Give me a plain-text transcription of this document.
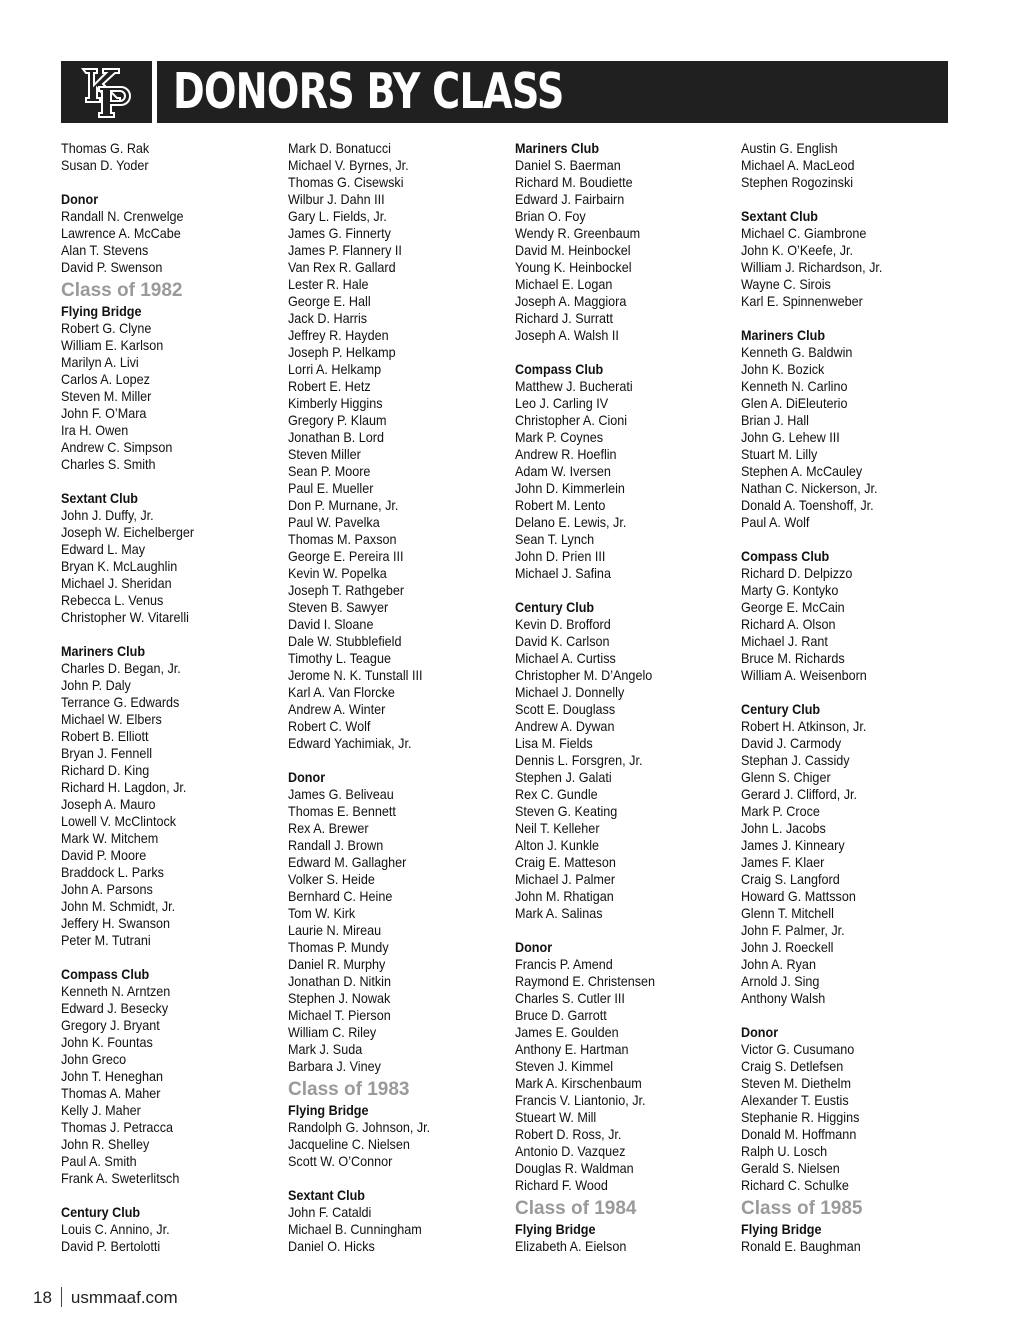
DONORS BY CLASS
Thomas G. Rak
Susan D. Yoder
Donor
Randall N. Crenwelge
Lawrence A. McCabe
Alan T. Stevens
David P. Swenson
Class of 1982
Flying Bridge
Robert G. Clyne
William E. Karlson
Marilyn A. Livi
Carlos A. Lopez
Steven M. Miller
John F. O’Mara
Ira H. Owen
Andrew C. Simpson
Charles S. Smith
Sextant Club
John J. Duffy, Jr.
Joseph W. Eichelberger
Edward L. May
Bryan K. McLaughlin
Michael J. Sheridan
Rebecca L. Venus
Christopher W. Vitarelli
Mariners Club
Charles D. Began, Jr.
John P. Daly
Terrance G. Edwards
Michael W. Elbers
Robert B. Elliott
Bryan J. Fennell
Richard D. King
Richard H. Lagdon, Jr.
Joseph A. Mauro
Lowell V. McClintock
Mark W. Mitchem
David P. Moore
Braddock L. Parks
John A. Parsons
John M. Schmidt, Jr.
Jeffery H. Swanson
Peter M. Tutrani
Compass Club
Kenneth N. Arntzen
Edward J. Besecky
Gregory J. Bryant
John K. Fountas
John Greco
John T. Heneghan
Thomas A. Maher
Kelly J. Maher
Thomas J. Petracca
John R. Shelley
Paul A. Smith
Frank A. Sweterlitsch
Century Club
Louis C. Annino, Jr.
David P. Bertolotti
Mark D. Bonatucci
Michael V. Byrnes, Jr.
Thomas G. Cisewski
Wilbur J. Dahn III
Gary L. Fields, Jr.
James G. Finnerty
James P. Flannery II
Van Rex R. Gallard
Lester R. Hale
George E. Hall
Jack D. Harris
Jeffrey R. Hayden
Joseph P. Helkamp
Lorri A. Helkamp
Robert E. Hetz
Kimberly Higgins
Gregory P. Klaum
Jonathan B. Lord
Steven Miller
Sean P. Moore
Paul E. Mueller
Don P. Murnane, Jr.
Paul W. Pavelka
Thomas M. Paxson
George E. Pereira III
Kevin W. Popelka
Joseph T. Rathgeber
Steven B. Sawyer
David I. Sloane
Dale W. Stubblefield
Timothy L. Teague
Jerome N. K. Tunstall III
Karl A. Van Florcke
Andrew A. Winter
Robert C. Wolf
Edward Yachimiak, Jr.
Donor
James G. Beliveau
Thomas E. Bennett
Rex A. Brewer
Randall J. Brown
Edward M. Gallagher
Volker S. Heide
Bernhard C. Heine
Tom W. Kirk
Laurie N. Mireau
Thomas P. Mundy
Daniel R. Murphy
Jonathan D. Nitkin
Stephen J. Nowak
Michael T. Pierson
William C. Riley
Mark J. Suda
Barbara J. Viney
Class of 1983
Flying Bridge
Randolph G. Johnson, Jr.
Jacqueline C. Nielsen
Scott W. O’Connor
Sextant Club
John F. Cataldi
Michael B. Cunningham
Daniel O. Hicks
Mariners Club
Daniel S. Baerman
Richard M. Boudiette
Edward J. Fairbairn
Brian O. Foy
Wendy R. Greenbaum
David M. Heinbockel
Young K. Heinbockel
Michael E. Logan
Joseph A. Maggiora
Richard J. Surratt
Joseph A. Walsh II
Compass Club
Matthew J. Bucherati
Leo J. Carling IV
Christopher A. Cioni
Mark P. Coynes
Andrew R. Hoeflin
Adam W. Iversen
John D. Kimmerlein
Robert M. Lento
Delano E. Lewis, Jr.
Sean T. Lynch
John D. Prien III
Michael J. Safina
Century Club
Kevin D. Brofford
David K. Carlson
Michael A. Curtiss
Christopher M. D’Angelo
Michael J. Donnelly
Scott E. Douglass
Andrew A. Dywan
Lisa M. Fields
Dennis L. Forsgren, Jr.
Stephen J. Galati
Rex C. Gundle
Steven G. Keating
Neil T. Kelleher
Alton J. Kunkle
Craig E. Matteson
Michael J. Palmer
John M. Rhatigan
Mark A. Salinas
Donor
Francis P. Amend
Raymond E. Christensen
Charles S. Cutler III
Bruce D. Garrott
James E. Goulden
Anthony E. Hartman
Steven J. Kimmel
Mark A. Kirschenbaum
Francis V. Liantonio, Jr.
Stueart W. Mill
Robert D. Ross, Jr.
Antonio D. Vazquez
Douglas R. Waldman
Richard F. Wood
Class of 1984
Flying Bridge
Elizabeth A. Eielson
Austin G. English
Michael A. MacLeod
Stephen Rogozinski
Sextant Club
Michael C. Giambrone
John K. O’Keefe, Jr.
William J. Richardson, Jr.
Wayne C. Sirois
Karl E. Spinnenweber
Mariners Club
Kenneth G. Baldwin
John K. Bozick
Kenneth N. Carlino
Glen A. DiEleuterio
Brian J. Hall
John G. Lehew III
Stuart M. Lilly
Stephen A. McCauley
Nathan C. Nickerson, Jr.
Donald A. Toenshoff, Jr.
Paul A. Wolf
Compass Club
Richard D. Delpizzo
Marty G. Kontyko
George E. McCain
Richard A. Olson
Michael J. Rant
Bruce M. Richards
William A. Weisenborn
Century Club
Robert H. Atkinson, Jr.
David J. Carmody
Stephan J. Cassidy
Glenn S. Chiger
Gerard J. Clifford, Jr.
Mark P. Croce
John L. Jacobs
James J. Kinneary
James F. Klaer
Craig S. Langford
Howard G. Mattsson
Glenn T. Mitchell
John F. Palmer, Jr.
John J. Roeckell
John A. Ryan
Arnold J. Sing
Anthony Walsh
Donor
Victor G. Cusumano
Craig S. Detlefsen
Steven M. Diethelm
Alexander T. Eustis
Stephanie R. Higgins
Donald M. Hoffmann
Ralph U. Losch
Gerald S. Nielsen
Richard C. Schulke
Class of 1985
Flying Bridge
Ronald E. Baughman
18 usmmaaf.com
